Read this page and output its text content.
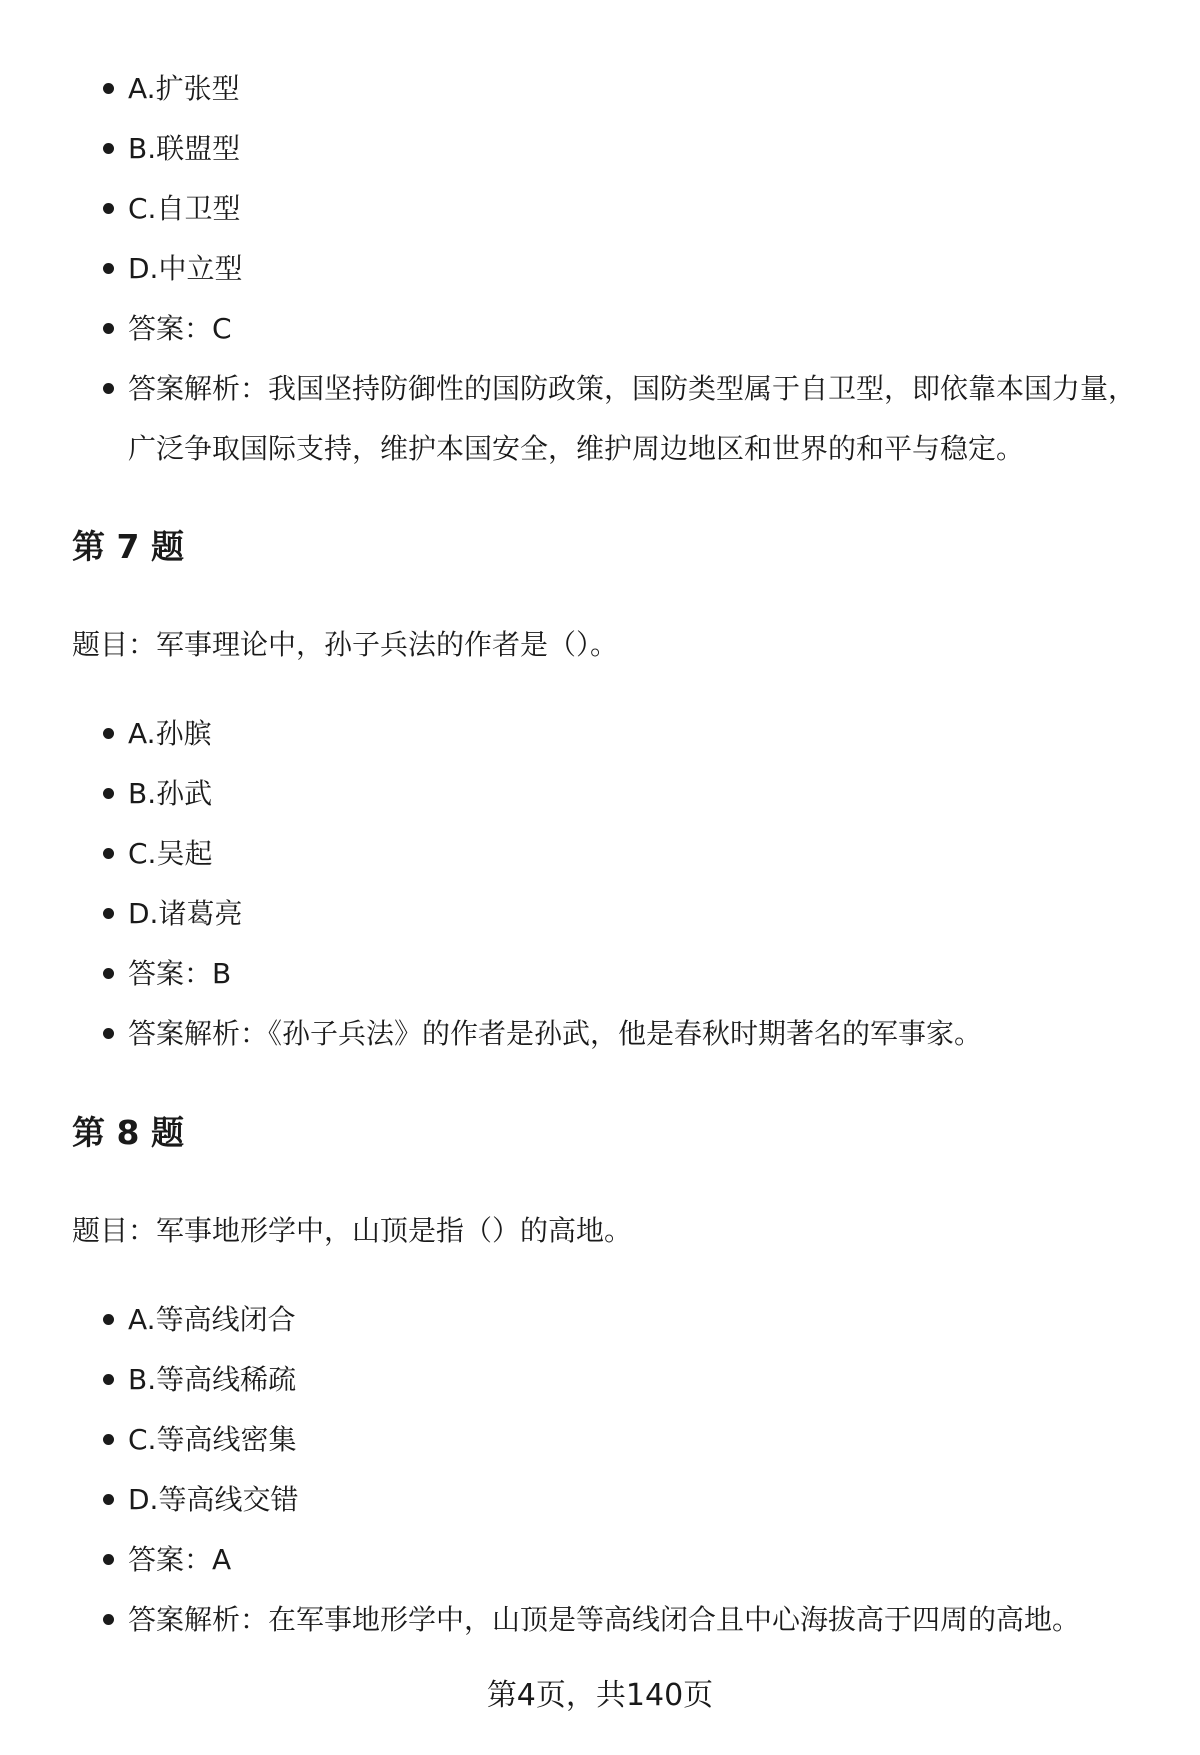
A.扩张型
B.联盟型
C.自卫型
D.中立型
答案：C
答案解析：我国坚持防御性的国防政策，国防类型属于自卫型，即依靠本国力量，广泛争取国际支持，维护本国安全，维护周边地区和世界的和平与稳定。
第 7 题

题目：军事理论中，孙子兵法的作者是（）。

A.孙膑
B.孙武
C.吴起
D.诸葛亮
答案：B
答案解析：《孙子兵法》的作者是孙武，他是春秋时期著名的军事家。
第 8 题

题目：军事地形学中，山顶是指（）的高地。

A.等高线闭合
B.等高线稀疏
C.等高线密集
D.等高线交错
答案：A
答案解析：在军事地形学中，山顶是等高线闭合且中心海拔高于四周的高地。
第4页，共140页
